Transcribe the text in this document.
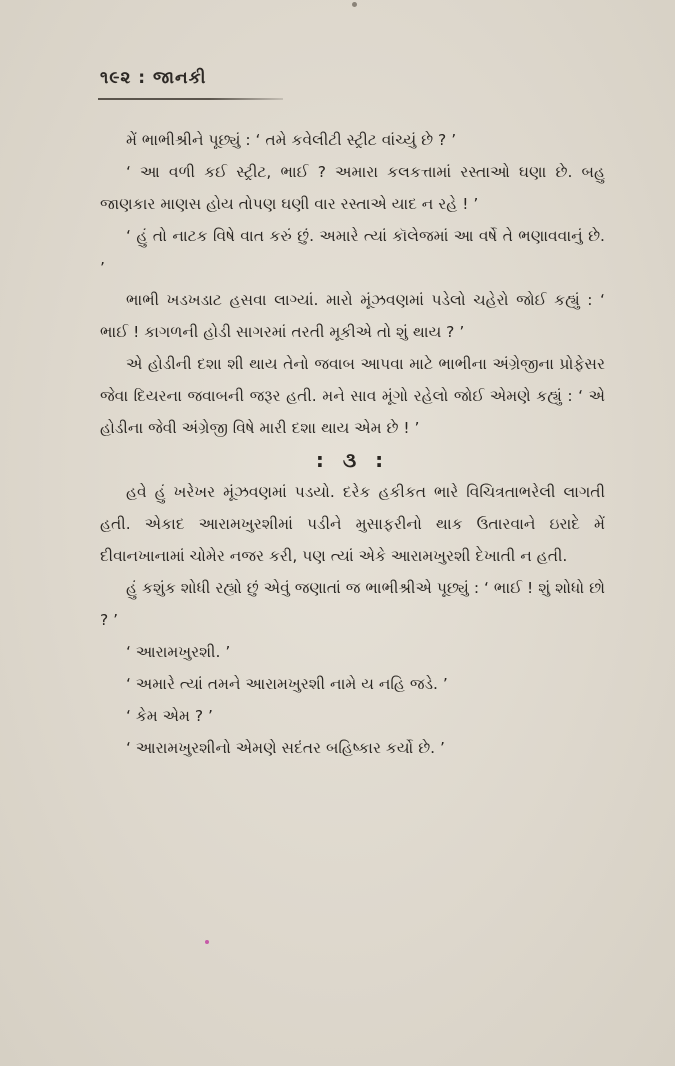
૧૯૨ : જાનકી

મેં ભાભીશ્રીને પૂછ્યું : ‘ તમે કવેલીટી સ્ટ્રીટ વાંચ્યું છે ? ’

‘ આ વળી કઈ સ્ટ્રીટ, ભાઈ ? અમારા કલકત્તામાં રસ્તાઓ ઘણા છે. બહુ જાણકાર માણસ હોય તોપણ ઘણી વાર રસ્તાએ યાદ ન રહે ! ’

‘ હું તો નાટક વિષે વાત કરું છું. અમારે ત્યાં કૉલેજમાં આ વર્ષે તે ભણાવવાનું છે. ’

ભાભી ખડખડાટ હસવા લાગ્યાં. મારો મૂંઝવણમાં પડેલો ચહેરો જોઈ કહ્યું : ‘ ભાઈ ! કાગળની હોડી સાગરમાં તરતી મૂકીએ તો શું થાય ? ’

એ હોડીની દશા શી થાય તેનો જવાબ આપવા માટે ભાભીના અંગ્રેજીના પ્રોફેસર જેવા દિયરના જવાબની જરૂર હતી. મને સાવ મૂંગો રહેલો જોઈ એમણે કહ્યું : ‘ એ હોડીના જેવી અંગ્રેજી વિષે મારી દશા થાય એમ છે ! ’

: ૩ :

હવે હું ખરેખર મૂંઝવણમાં પડયો. દરેક હકીકત ભારે વિચિત્રતાભરેલી લાગતી હતી. એકાદ આરામખુરશીમાં પડીને મુસાફરીનો થાક ઉતારવાને ઇરાદે મેં દીવાનખાનામાં ચોમેર નજર કરી, પણ ત્યાં એકે આરામખુરશી દેખાતી ન હતી.

હું કશુંક શોધી રહ્યો છું એવું જણાતાં જ ભાભીશ્રીએ પૂછ્યું : ‘ ભાઈ ! શું શોધો છો ? ’

‘ આરામખુરશી. ’

‘ અમારે ત્યાં તમને આરામખુરશી નામે ય નહિ જડે. ’

‘ કેમ એમ ? ’

‘ આરામખુરશીનો એમણે સદંતર બહિષ્કાર કર્યો છે. ’
